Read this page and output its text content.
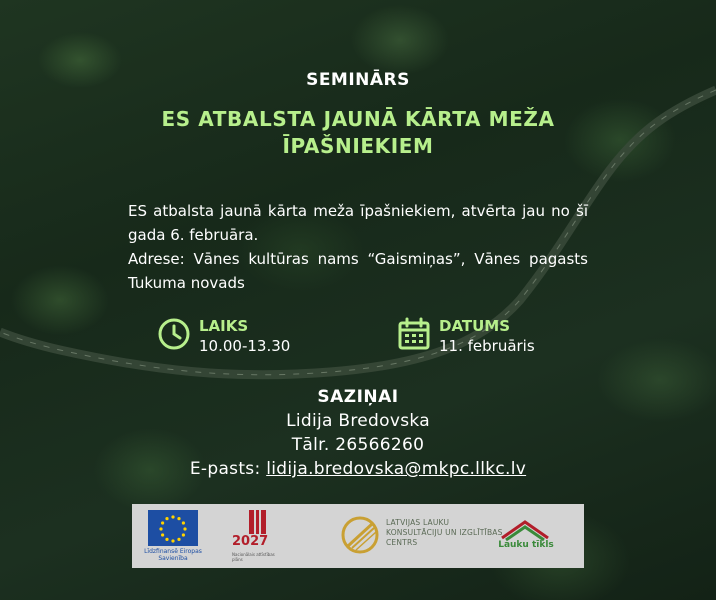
SEMINĀRS
ES ATBALSTA JAUNĀ KĀRTA MEŽA ĪPAŠNIEKIEM

ES atbalsta jaunā kārta meža īpašniekiem, atvērta jau no šī gada 6. februāra.

Adrese: Vānes kultūras nams “Gaismiņas”, Vānes pagasts Tukuma novads

LAIKS
10.00-13.30
DATUMS
11. februāris
SAZIŅAI
Lidija Bredovska
Tālr. 26566260
E-pasts: lidija.bredovska@mkpc.llkc.lv
Līdzfinansē Eiropas Savienība
2027
Nacionālais attīstības plāns
LATVIJAS LAUKU KONSULTĀCIJU UN IZGLĪTĪBAS CENTRS	Lauku tīkls
